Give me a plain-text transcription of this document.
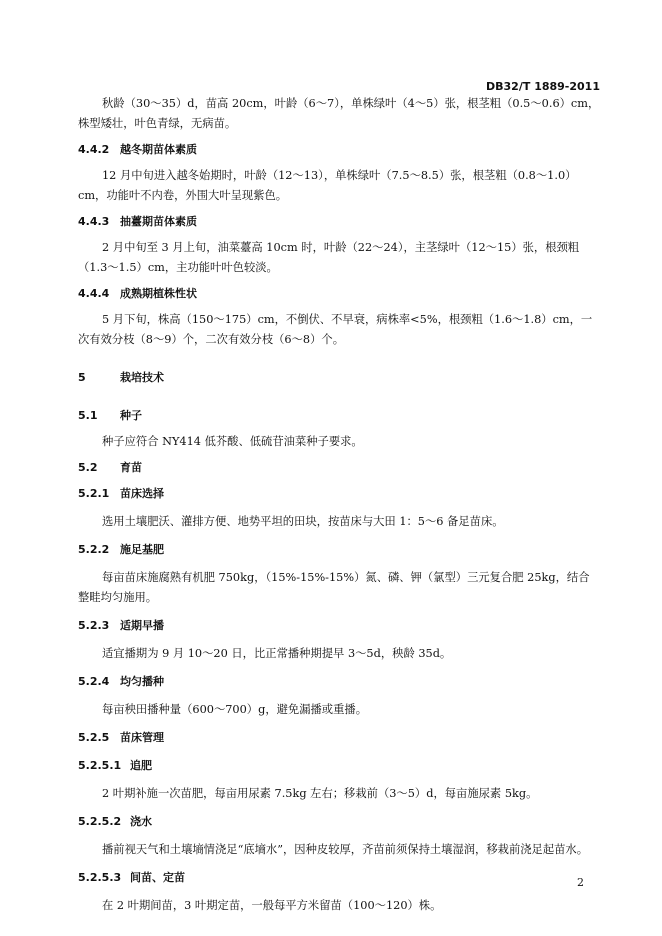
DB32/T 1889-2011

秋龄（30～35）d，苗高 20cm，叶龄（6～7），单株绿叶（4～5）张，根茎粗（0.5～0.6）cm，株型矮壮，叶色青绿，无病苗。

4.4.2 越冬期苗体素质

12 月中旬进入越冬始期时，叶龄（12～13），单株绿叶（7.5～8.5）张，根茎粗（0.8～1.0）cm，功能叶不内卷，外围大叶呈现紫色。

4.4.3 抽薹期苗体素质

2 月中旬至 3 月上旬，油菜薹高 10cm 时，叶龄（22～24），主茎绿叶（12～15）张，根颈粗（1.3～1.5）cm，主功能叶叶色较淡。

4.4.4 成熟期植株性状

5 月下旬，株高（150～175）cm，不倒伏、不早衰，病株率<5%，根颈粗（1.6～1.8）cm，一次有效分枝（8～9）个，二次有效分枝（6～8）个。

5	栽培技术

5.1 种子

种子应符合 NY414 低芥酸、低硫苷油菜种子要求。

5.2 育苗

5.2.1 苗床选择

选用土壤肥沃、灌排方便、地势平坦的田块，按苗床与大田 1：5～6 备足苗床。

5.2.2 施足基肥

每亩苗床施腐熟有机肥 750kg，（15%-15%-15%）氮、磷、钾（氯型）三元复合肥 25kg，结合整畦均匀施用。

5.2.3 适期早播

适宜播期为 9 月 10～20 日，比正常播种期提早 3～5d，秧龄 35d。

5.2.4 均匀播种

每亩秧田播种量（600～700）g，避免漏播或重播。

5.2.5 苗床管理

5.2.5.1 追肥

2 叶期补施一次苗肥，每亩用尿素 7.5kg 左右；移栽前（3～5）d，每亩施尿素 5kg。

5.2.5.2 浇水

播前视天气和土壤墒情浇足“底墒水”，因种皮较厚，齐苗前须保持土壤湿润，移栽前浇足起苗水。

5.2.5.3 间苗、定苗

在 2 叶期间苗，3 叶期定苗，一般每平方米留苗（100～120）株。

2
